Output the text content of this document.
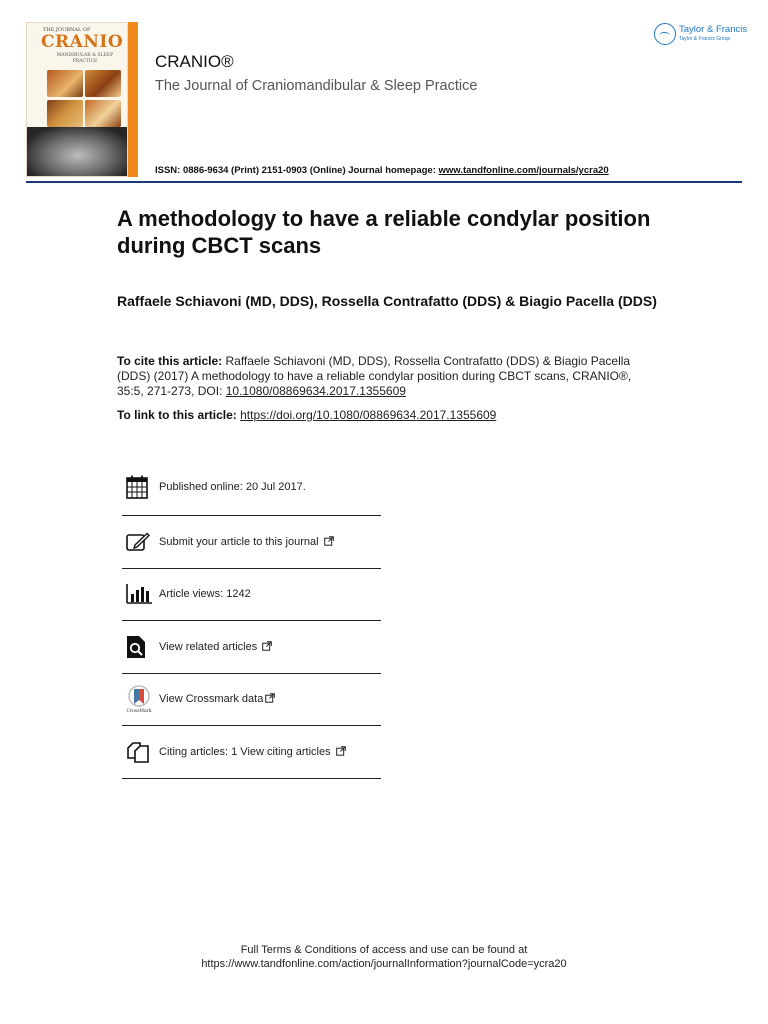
THE JOURNAL OF
CRANIO
MANDIBULAR & SLEEP PRACTICE	CRANIO®
The Journal of Craniomandibular & Sleep Practice
ISSN: 0886-9634 (Print) 2151-0903 (Online) Journal homepage: www.tandfonline.com/journals/ycra20
Taylor & Francis
Taylor & Francis Group
A methodology to have a reliable condylar position during CBCT scans
Raffaele Schiavoni (MD, DDS), Rossella Contrafatto (DDS) & Biagio Pacella (DDS)
To cite this article: Raffaele Schiavoni (MD, DDS), Rossella Contrafatto (DDS) & Biagio Pacella (DDS) (2017) A methodology to have a reliable condylar position during CBCT scans, CRANIO®, 35:5, 271-273, DOI: 10.1080/08869634.2017.1355609
To link to this article: https://doi.org/10.1080/08869634.2017.1355609
Published online: 20 Jul 2017.
Submit your article to this journal
Article views: 1242
View related articles
CrossMark
View Crossmark data
Citing articles: 1 View citing articles
Full Terms & Conditions of access and use can be found at
https://www.tandfonline.com/action/journalInformation?journalCode=ycra20
